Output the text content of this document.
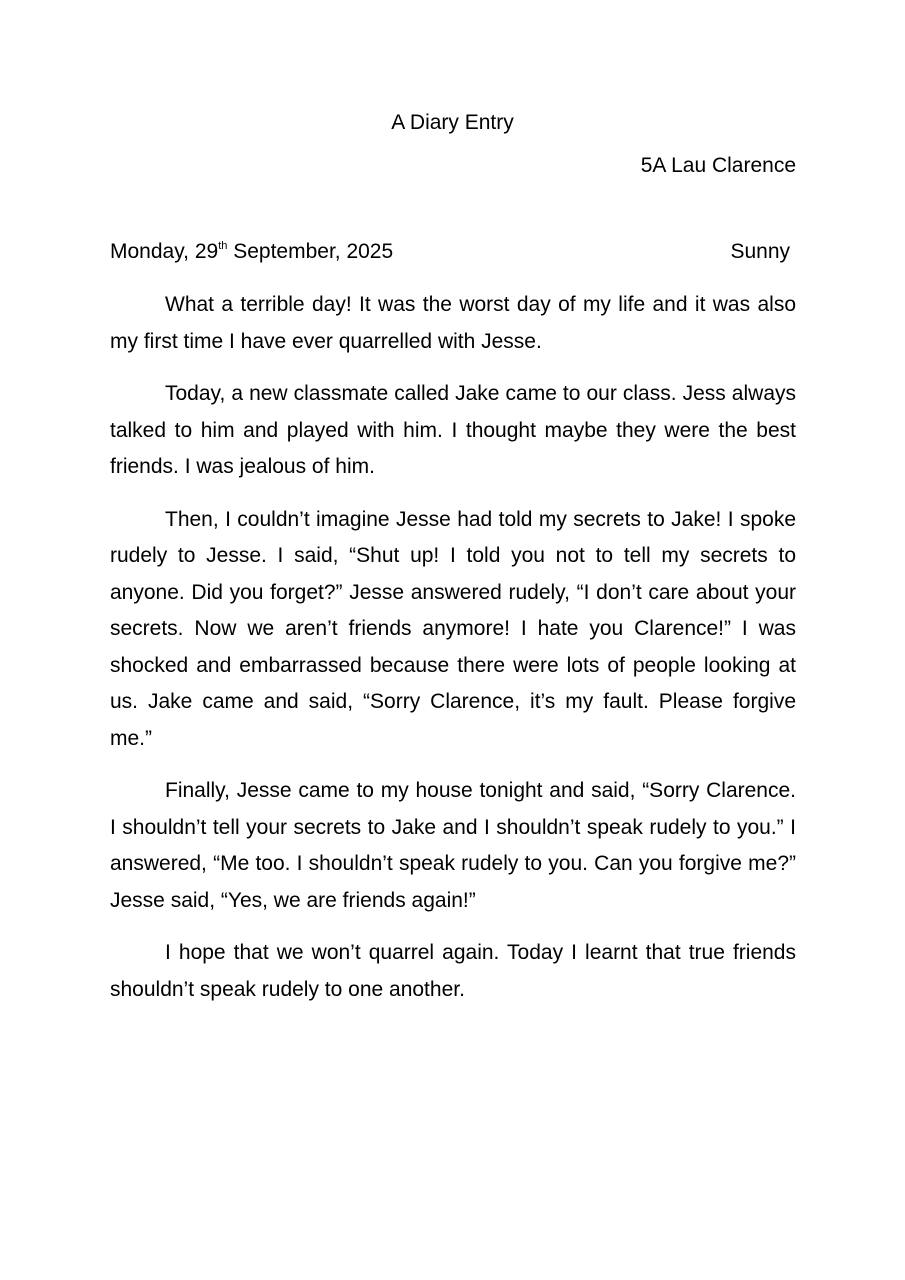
A Diary Entry
5A Lau Clarence
Monday, 29th September, 2025	Sunny

What a terrible day! It was the worst day of my life and it was also my first time I have ever quarrelled with Jesse.

Today, a new classmate called Jake came to our class. Jess always talked to him and played with him. I thought maybe they were the best friends. I was jealous of him.

Then, I couldn’t imagine Jesse had told my secrets to Jake! I spoke rudely to Jesse. I said, “Shut up! I told you not to tell my secrets to anyone. Did you forget?” Jesse answered rudely, “I don’t care about your secrets. Now we aren’t friends anymore! I hate you Clarence!” I was shocked and embarrassed because there were lots of people looking at us. Jake came and said, “Sorry Clarence, it’s my fault. Please forgive me.”

Finally, Jesse came to my house tonight and said, “Sorry Clarence. I shouldn’t tell your secrets to Jake and I shouldn’t speak rudely to you.” I answered, “Me too. I shouldn’t speak rudely to you. Can you forgive me?” Jesse said, “Yes, we are friends again!”

I hope that we won’t quarrel again. Today I learnt that true friends shouldn’t speak rudely to one another.
